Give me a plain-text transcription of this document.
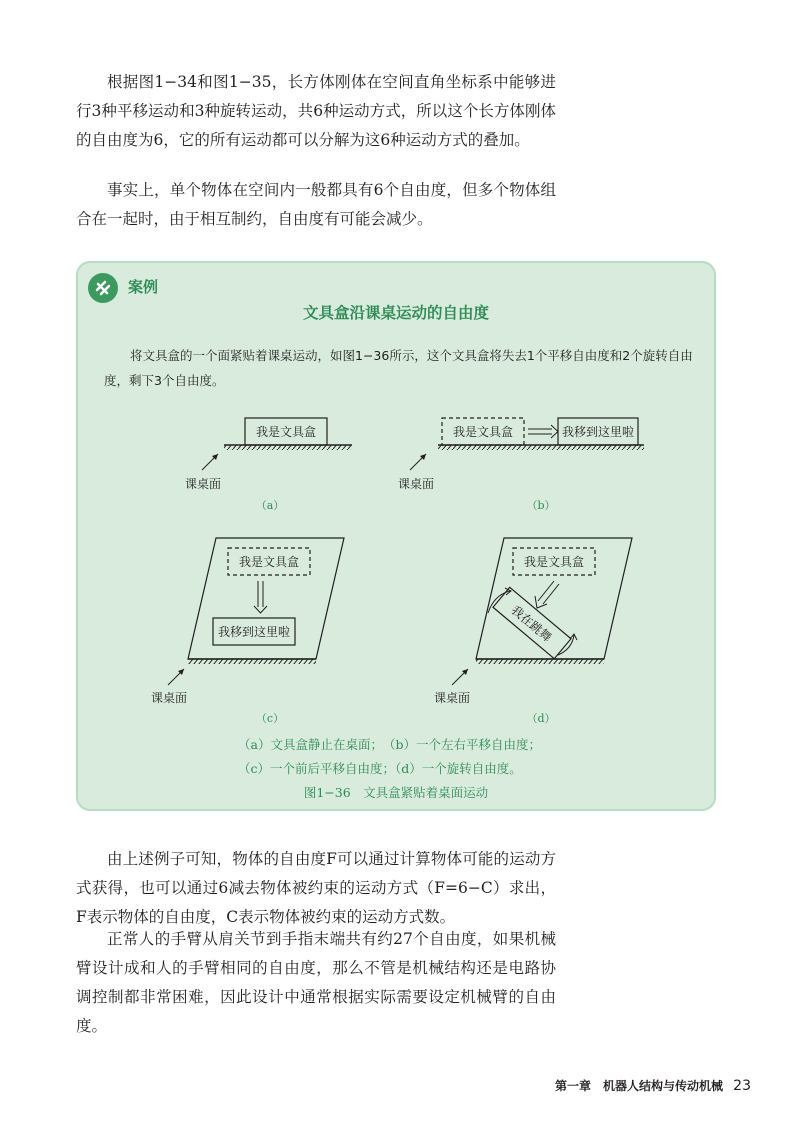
根据图1−34和图1−35，长方体刚体在空间直角坐标系中能够进行3种平移运动和3种旋转运动，共6种运动方式，所以这个长方体刚体的自由度为6，它的所有运动都可以分解为这6种运动方式的叠加。

事实上，单个物体在空间内一般都具有6个自由度，但多个物体组合在一起时，由于相互制约，自由度有可能会减少。

案例
文具盒沿课桌运动的自由度

将文具盒的一个面紧贴着课桌运动，如图1−36所示，这个文具盒将失去1个平移自由度和2个旋转自由度，剩下3个自由度。

我是文具盒
课桌面
（a）
我是文具盒	我移到这里啦
课桌面
（b）
我是文具盒
我移到这里啦
课桌面
（c）
我是文具盒
我在跳舞
课桌面
（d）
（a）文具盒静止在桌面；　（b）一个左右平移自由度；
（c）一个前后平移自由度；（d）一个旋转自由度。
图1−36　文具盒紧贴着桌面运动

由上述例子可知，物体的自由度F可以通过计算物体可能的运动方式获得，也可以通过6减去物体被约束的运动方式（F=6−C）求出，F表示物体的自由度，C表示物体被约束的运动方式数。

正常人的手臂从肩关节到手指末端共有约27个自由度，如果机械臂设计成和人的手臂相同的自由度，那么不管是机械结构还是电路协调控制都非常困难，因此设计中通常根据实际需要设定机械臂的自由度。

第一章　机器人结构与传动机械 23
